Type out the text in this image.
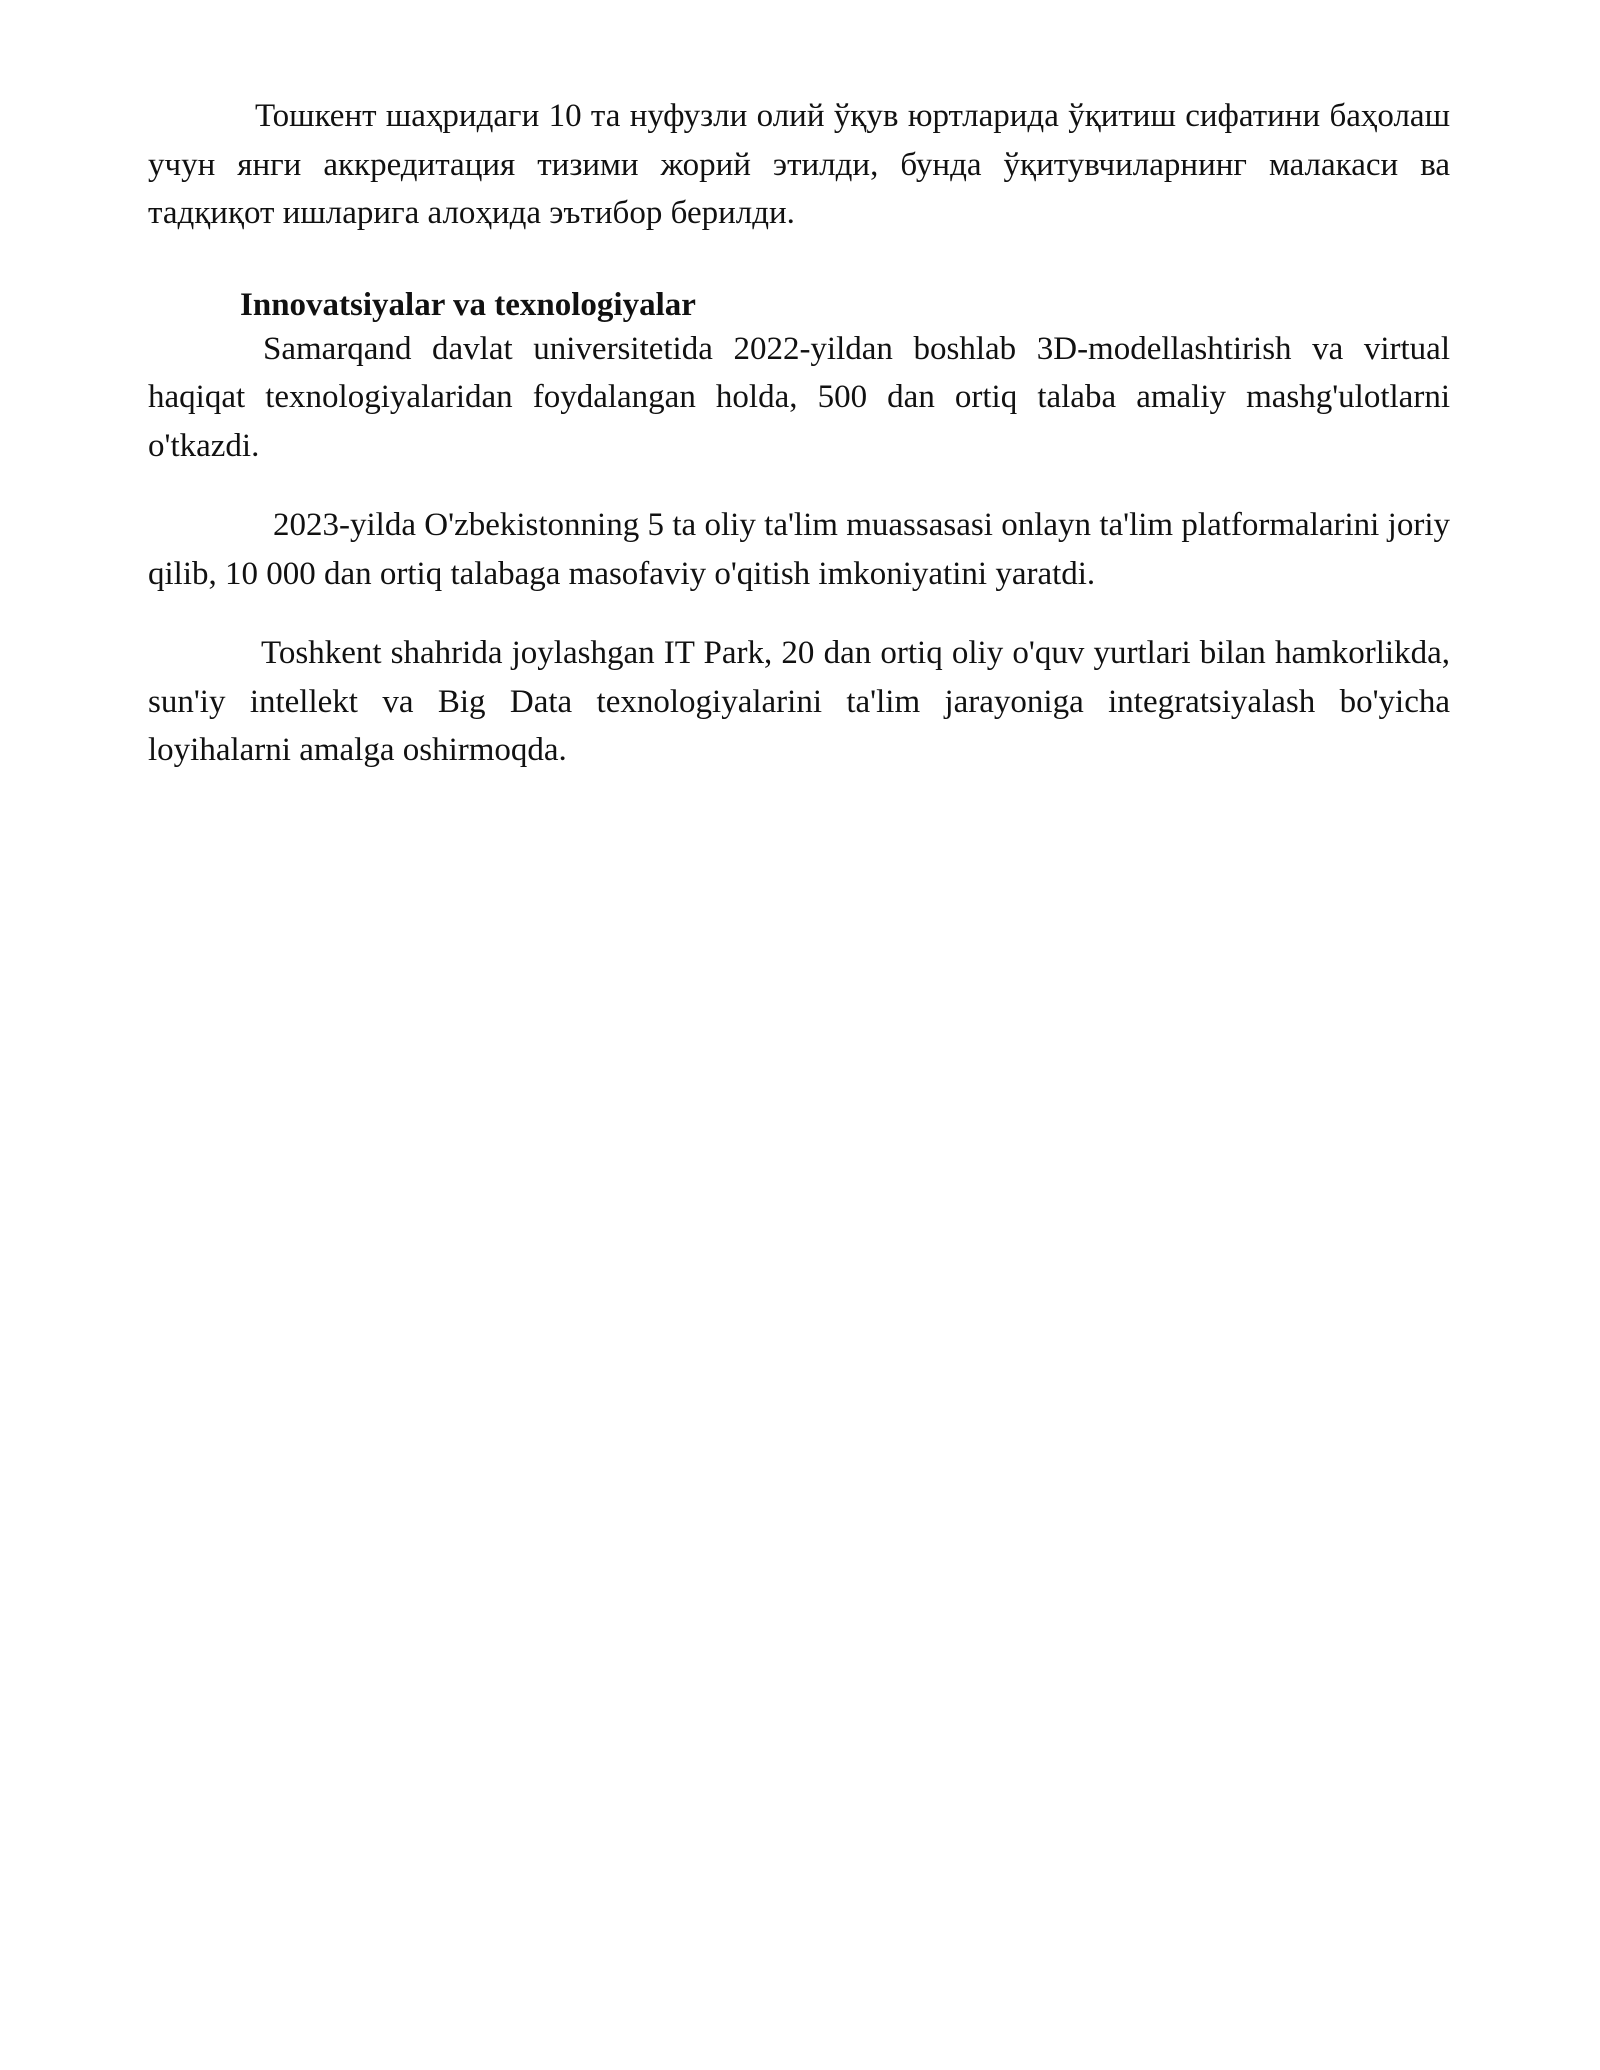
Тошкент шаҳридаги 10 та нуфузли олий ўқув юртларида ўқитиш сифатини баҳолаш учун янги аккредитация тизими жорий этилди, бунда ўқитувчиларнинг малакаси ва тадқиқот ишларига алоҳида эътибор берилди.

Innovatsiyalar va texnologiyalar

Samarqand davlat universitetida 2022-yildan boshlab 3D-modellashtirish va virtual haqiqat texnologiyalaridan foydalangan holda, 500 dan ortiq talaba amaliy mashg'ulotlarni o'tkazdi.

2023-yilda O'zbekistonning 5 ta oliy ta'lim muassasasi onlayn ta'lim platformalarini joriy qilib, 10 000 dan ortiq talabaga masofaviy o'qitish imkoniyatini yaratdi.

Toshkent shahrida joylashgan IT Park, 20 dan ortiq oliy o'quv yurtlari bilan hamkorlikda, sun'iy intellekt va Big Data texnologiyalarini ta'lim jarayoniga integratsiyalash bo'yicha loyihalarni amalga oshirmoqda.
